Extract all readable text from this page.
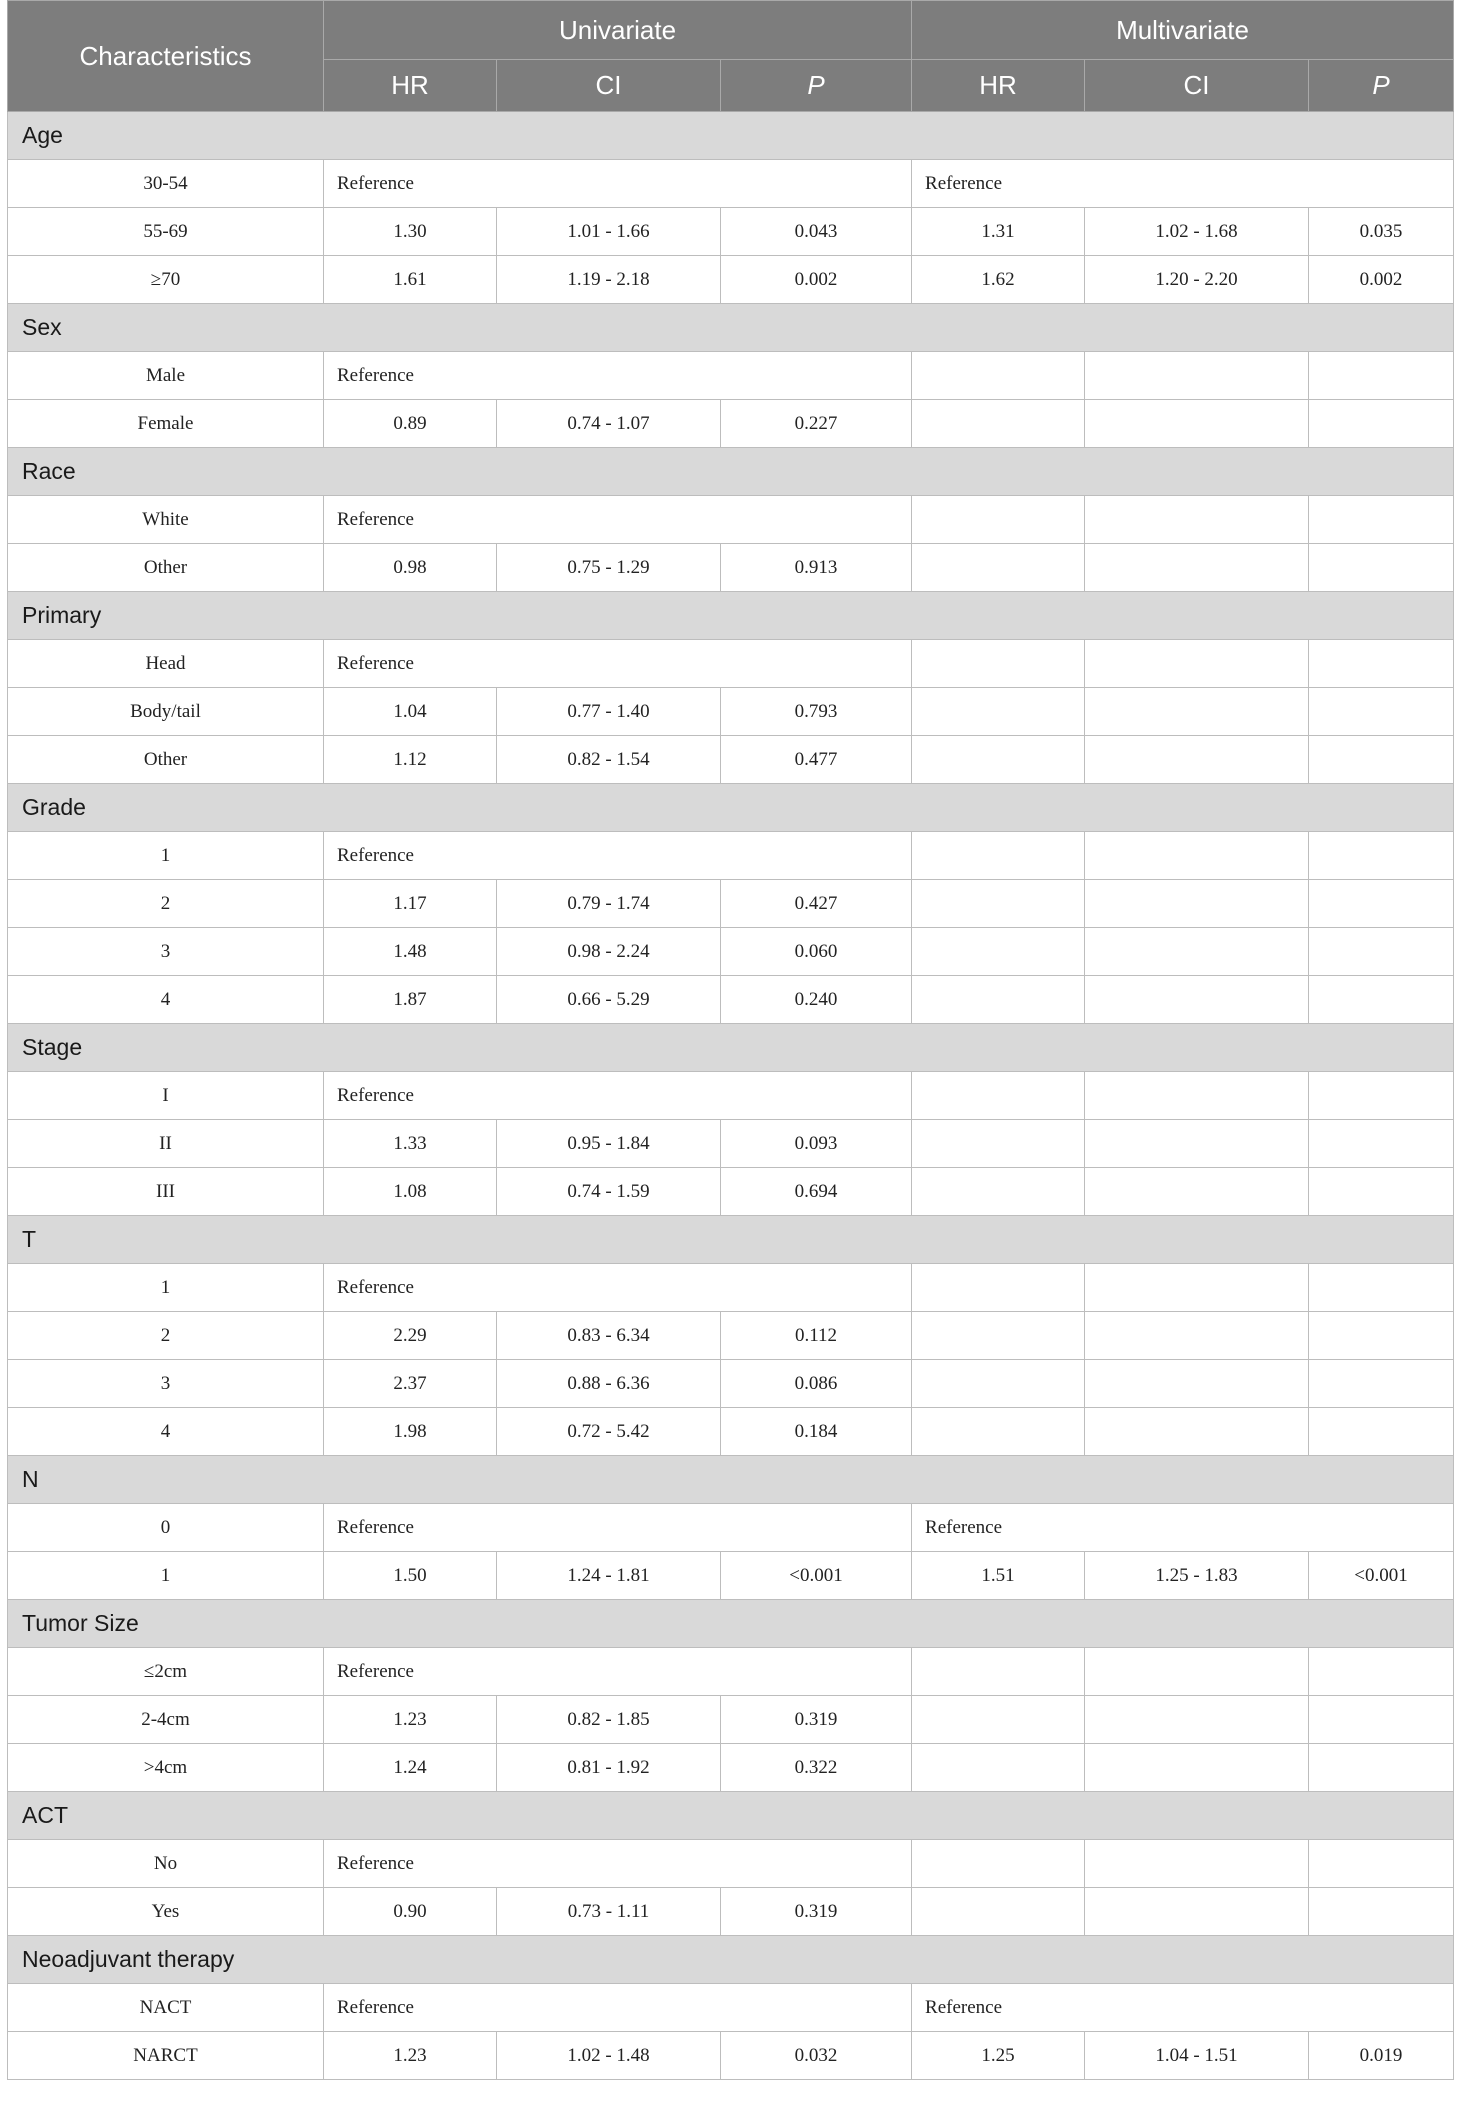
Characteristics	Univariate			Multivariate		
	HR	CI	P	HR	CI	P
Age						
30-54	Reference			Reference		
55-69	1.30	1.01 - 1.66	0.043	1.31	1.02 - 1.68	0.035
≥70	1.61	1.19 - 2.18	0.002	1.62	1.20 - 2.20	0.002
Sex						
Male	Reference					
Female	0.89	0.74 - 1.07	0.227			
Race						
White	Reference					
Other	0.98	0.75 - 1.29	0.913			
Primary						
Head	Reference					
Body/tail	1.04	0.77 - 1.40	0.793			
Other	1.12	0.82 - 1.54	0.477			
Grade						
1	Reference					
2	1.17	0.79 - 1.74	0.427			
3	1.48	0.98 - 2.24	0.060			
4	1.87	0.66 - 5.29	0.240			
Stage						
I	Reference					
II	1.33	0.95 - 1.84	0.093			
III	1.08	0.74 - 1.59	0.694			
T						
1	Reference					
2	2.29	0.83 - 6.34	0.112			
3	2.37	0.88 - 6.36	0.086			
4	1.98	0.72 - 5.42	0.184			
N						
0	Reference			Reference		
1	1.50	1.24 - 1.81	<0.001	1.51	1.25 - 1.83	<0.001
Tumor Size						
≤2cm	Reference					
2-4cm	1.23	0.82 - 1.85	0.319			
>4cm	1.24	0.81 - 1.92	0.322			
ACT						
No	Reference					
Yes	0.90	0.73 - 1.11	0.319			
Neoadjuvant therapy						
NACT	Reference			Reference		
NARCT	1.23	1.02 - 1.48	0.032	1.25	1.04 - 1.51	0.019
